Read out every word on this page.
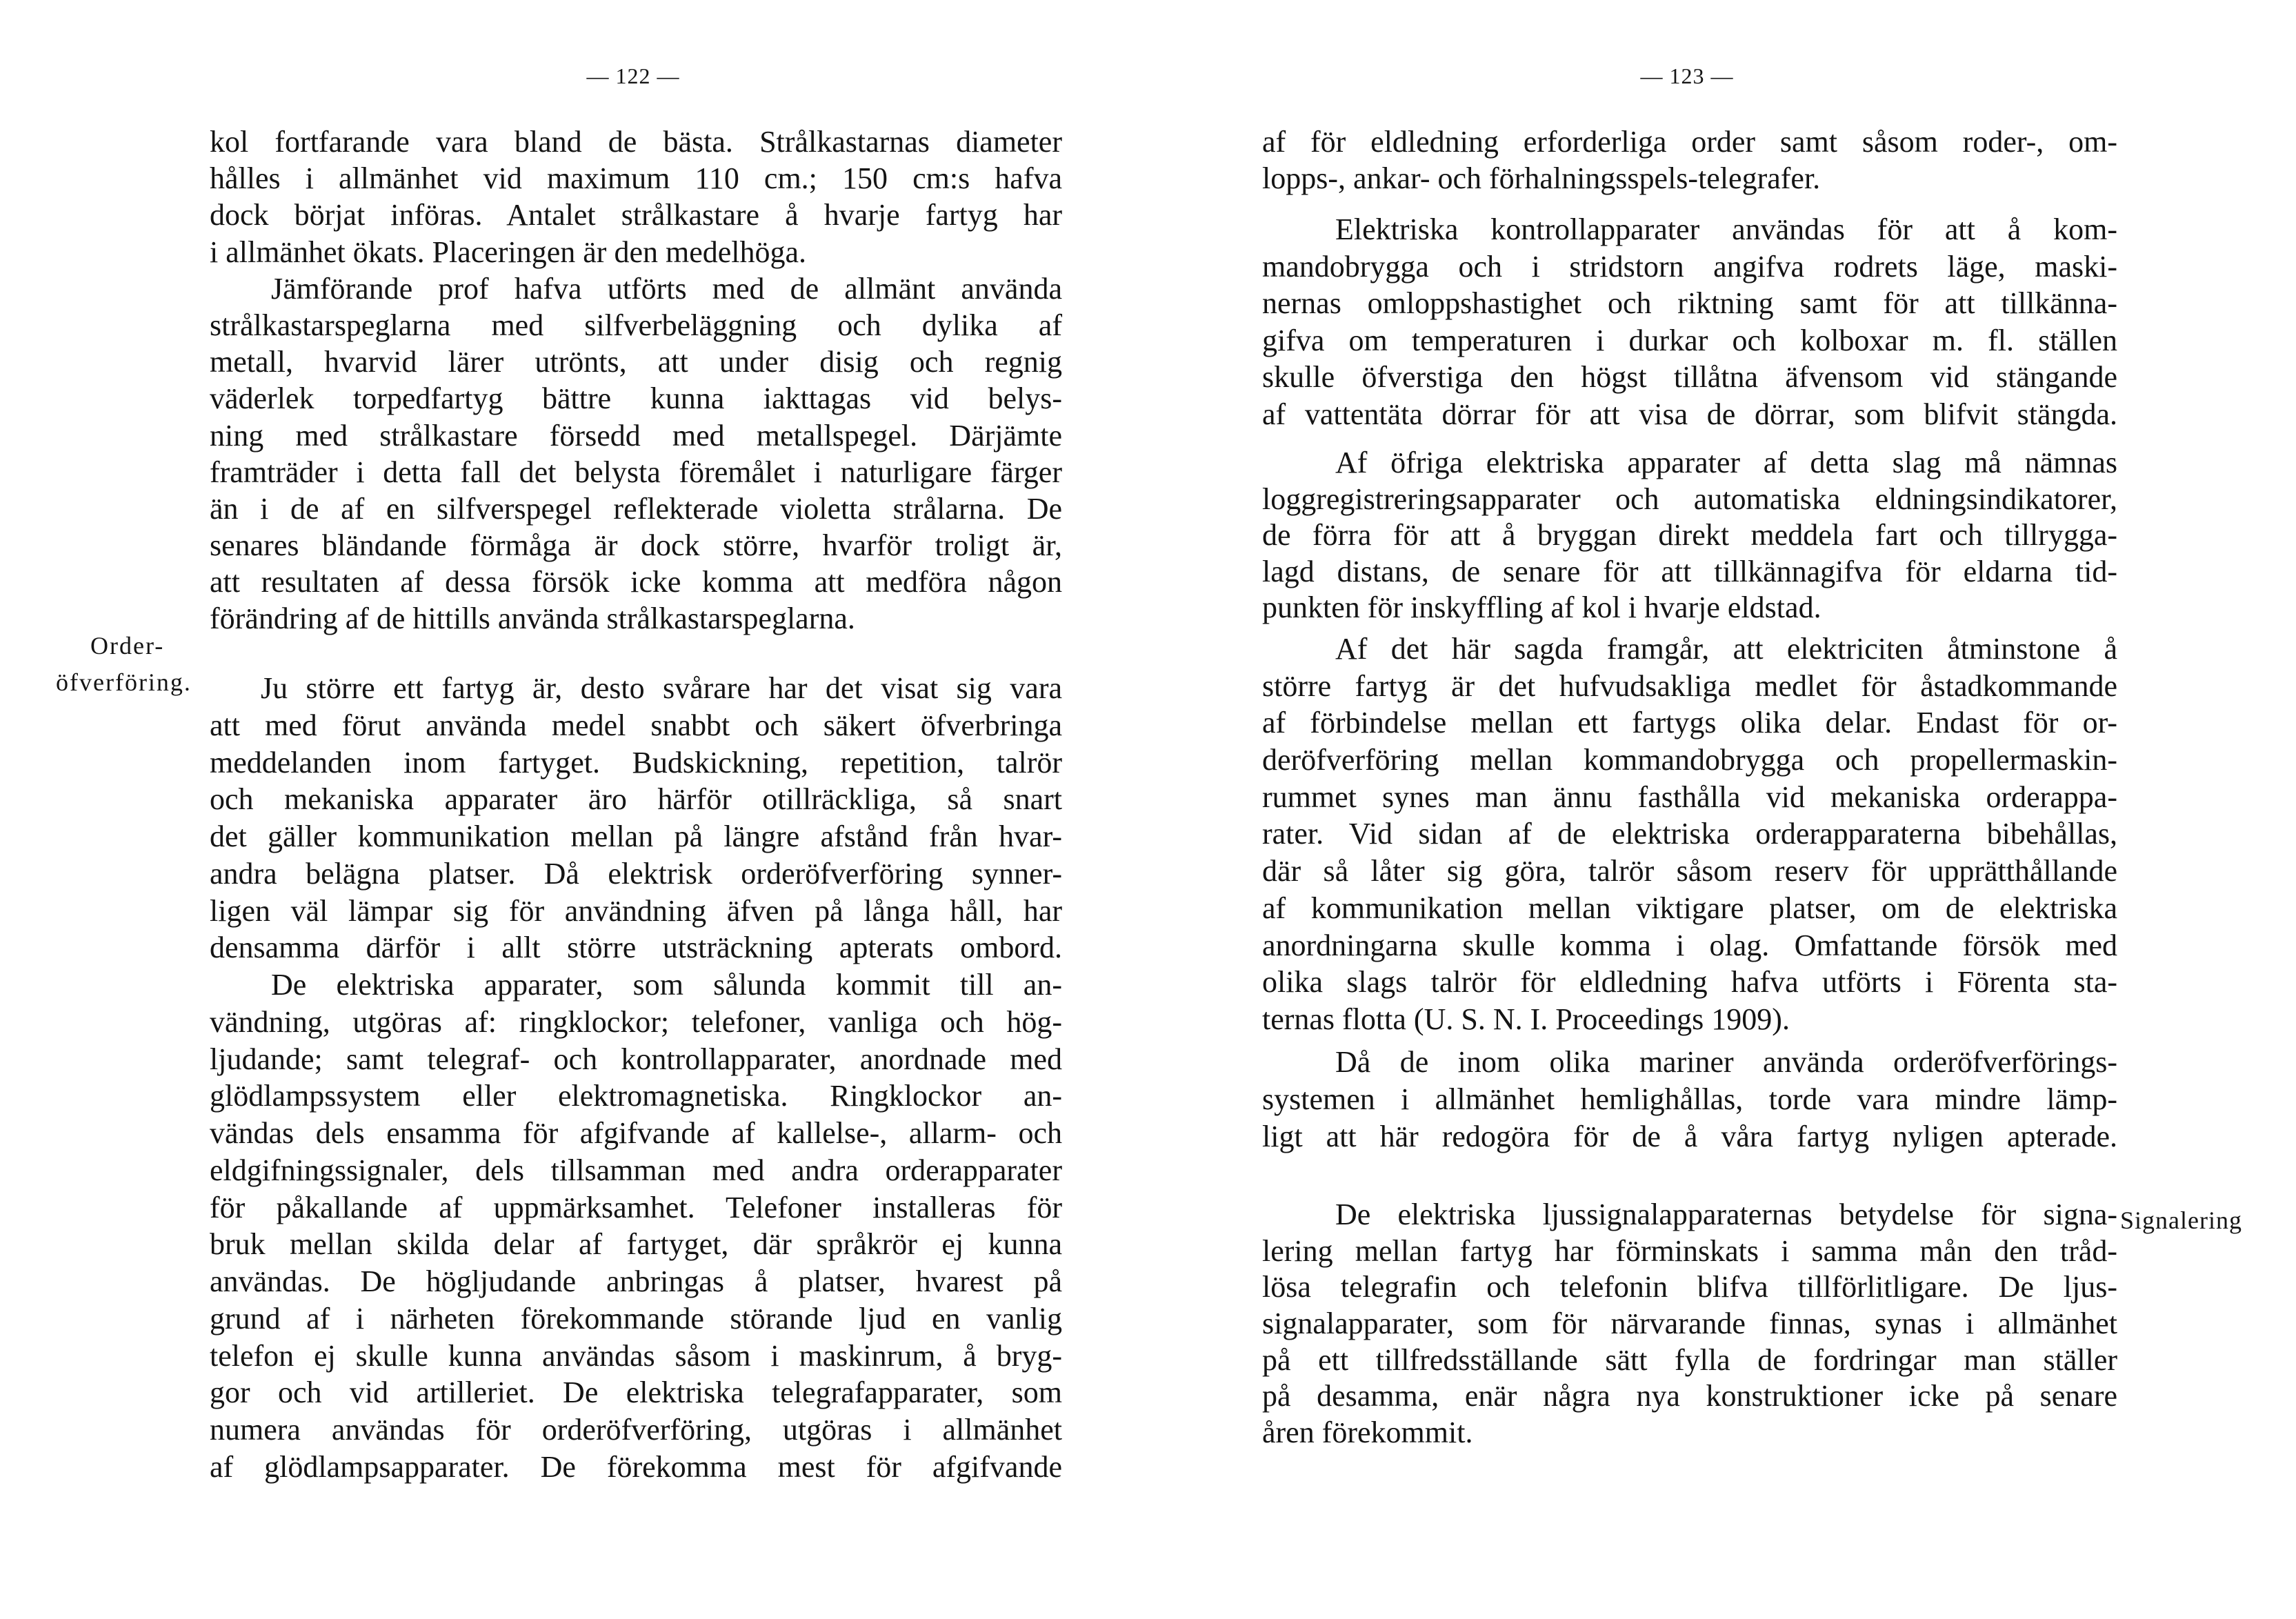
— 122 —
Order-
öfverföring.
kol fortfarande vara bland de bästa. Strålkastarnas diameter
hålles i allmänhet vid maximum 110 cm.; 150 cm:s hafva
dock börjat införas. Antalet strålkastare å hvarje fartyg har
i allmänhet ökats. Placeringen är den medelhöga.
Jämförande prof hafva utförts med de allmänt använda
strålkastarspeglarna med silfverbeläggning och dylika af
metall, hvarvid lärer utrönts, att under disig och regnig
väderlek torpedfartyg bättre kunna iakttagas vid belys-
ning med strålkastare försedd med metallspegel. Därjämte
framträder i detta fall det belysta föremålet i naturligare färger
än i de af en silfverspegel reflekterade violetta strålarna. De
senares bländande förmåga är dock större, hvarför troligt är,
att resultaten af dessa försök icke komma att medföra någon
förändring af de hittills använda strålkastarspeglarna.
Ju större ett fartyg är, desto svårare har det visat sig vara
att med förut använda medel snabbt och säkert öfverbringa
meddelanden inom fartyget. Budskickning, repetition, talrör
och mekaniska apparater äro härför otillräckliga, så snart
det gäller kommunikation mellan på längre afstånd från hvar-
andra belägna platser. Då elektrisk orderöfverföring synner-
ligen väl lämpar sig för användning äfven på långa håll, har
densamma därför i allt större utsträckning apterats ombord.
De elektriska apparater, som sålunda kommit till an-
vändning, utgöras af: ringklockor; telefoner, vanliga och hög-
ljudande; samt telegraf- och kontrollapparater, anordnade med
glödlampssystem eller elektromagnetiska. Ringklockor an-
vändas dels ensamma för afgifvande af kallelse-, allarm- och
eldgifningssignaler, dels tillsamman med andra orderapparater
för påkallande af uppmärksamhet. Telefoner installeras för
bruk mellan skilda delar af fartyget, där språkrör ej kunna
användas. De högljudande anbringas å platser, hvarest på
grund af i närheten förekommande störande ljud en vanlig
telefon ej skulle kunna användas såsom i maskinrum, å bryg-
gor och vid artilleriet. De elektriska telegrafapparater, som
numera användas för orderöfverföring, utgöras i allmänhet
af glödlampsapparater. De förekomma mest för afgifvande
— 123 —
Signalering
af för eldledning erforderliga order samt såsom roder-, om-
lopps-, ankar- och förhalningsspels-telegrafer.
Elektriska kontrollapparater användas för att å kom-
mandobrygga och i stridstorn angifva rodrets läge, maski-
nernas omloppshastighet och riktning samt för att tillkänna-
gifva om temperaturen i durkar och kolboxar m. fl. ställen
skulle öfverstiga den högst tillåtna äfvensom vid stängande
af vattentäta dörrar för att visa de dörrar, som blifvit stängda.
Af öfriga elektriska apparater af detta slag må nämnas
loggregistreringsapparater och automatiska eldningsindikatorer,
de förra för att å bryggan direkt meddela fart och tillrygga-
lagd distans, de senare för att tillkännagifva för eldarna tid-
punkten för inskyffling af kol i hvarje eldstad.
Af det här sagda framgår, att elektriciten åtminstone å
större fartyg är det hufvudsakliga medlet för åstadkommande
af förbindelse mellan ett fartygs olika delar. Endast för or-
deröfverföring mellan kommandobrygga och propellermaskin-
rummet synes man ännu fasthålla vid mekaniska orderappa-
rater. Vid sidan af de elektriska orderapparaterna bibehållas,
där så låter sig göra, talrör såsom reserv för upprätthållande
af kommunikation mellan viktigare platser, om de elektriska
anordningarna skulle komma i olag. Omfattande försök med
olika slags talrör för eldledning hafva utförts i Förenta sta-
ternas flotta (U. S. N. I. Proceedings 1909).
Då de inom olika mariner använda orderöfverförings-
systemen i allmänhet hemlighållas, torde vara mindre lämp-
ligt att här redogöra för de å våra fartyg nyligen apterade.
De elektriska ljussignalapparaternas betydelse för signa-
lering mellan fartyg har förminskats i samma mån den tråd-
lösa telegrafin och telefonin blifva tillförlitligare. De ljus-
signalapparater, som för närvarande finnas, synas i allmänhet
på ett tillfredsställande sätt fylla de fordringar man ställer
på desamma, enär några nya konstruktioner icke på senare
åren förekommit.
